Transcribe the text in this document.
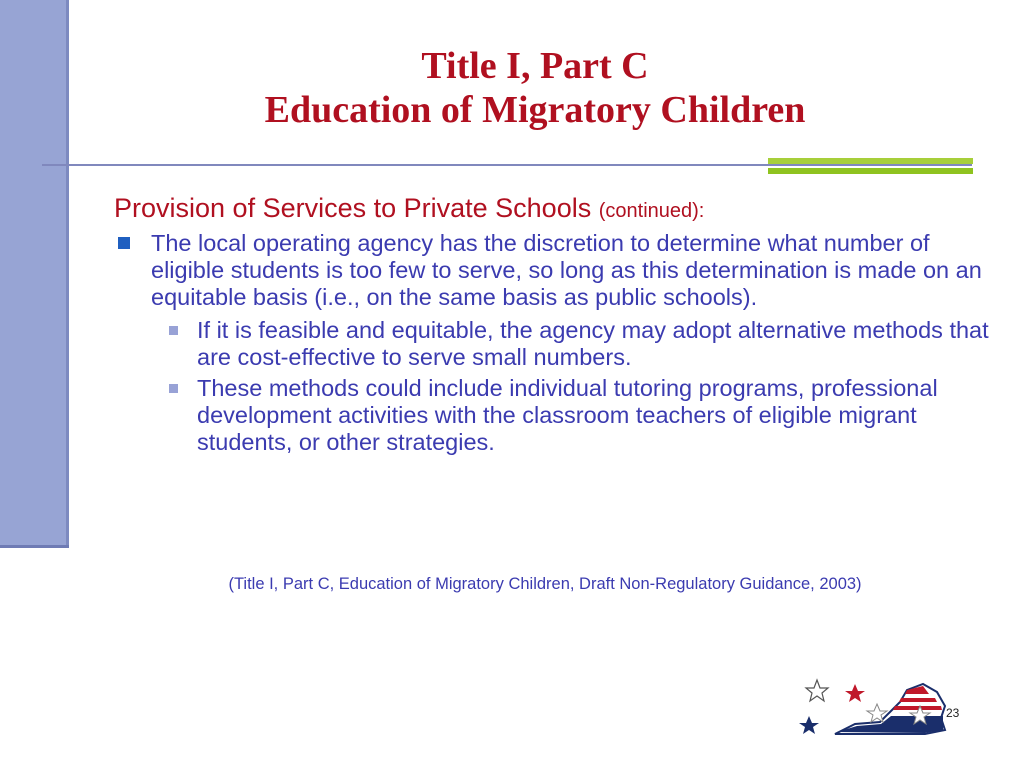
Title I, Part C
Education of Migratory Children
Provision of Services to Private Schools (continued):
The local operating agency has the discretion to determine what number of eligible students is too few to serve, so long as this determination is made on an equitable basis (i.e., on the same basis as public schools).
If it is feasible and equitable, the agency may adopt alternative methods that are cost-effective to serve small numbers.
These methods could include individual tutoring programs, professional development activities with the classroom teachers of eligible migrant students, or other strategies.
(Title I, Part C, Education of Migratory Children, Draft Non-Regulatory Guidance, 2003)
23
